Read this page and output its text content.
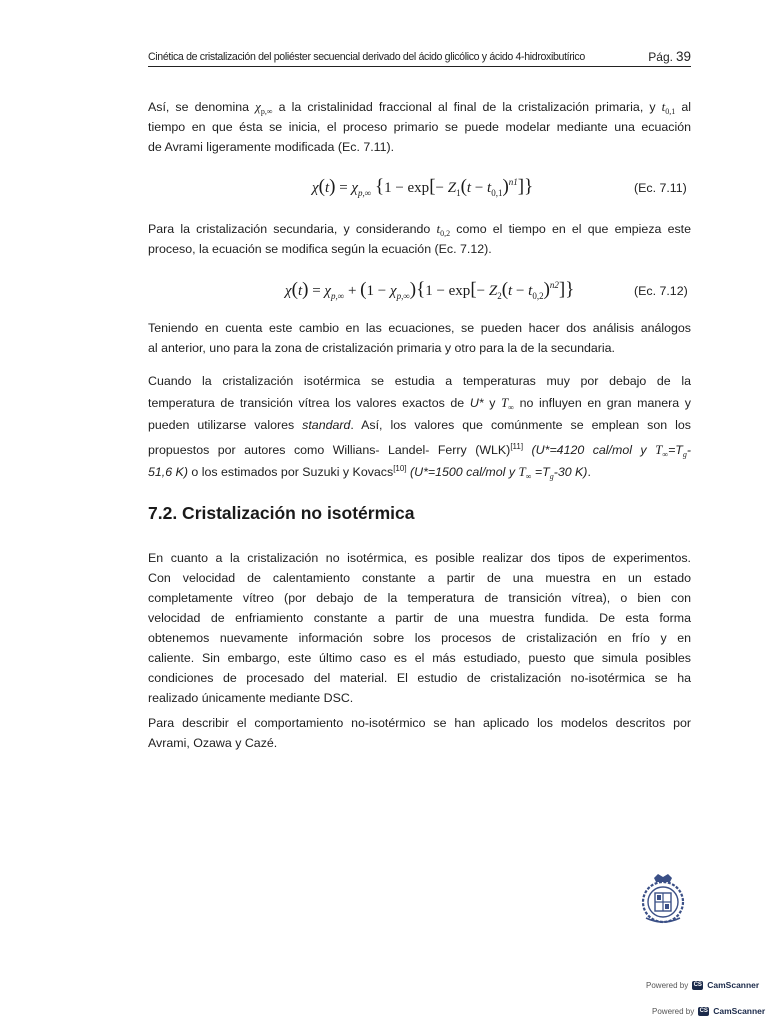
Cinética de cristalización del poliéster secuencial derivado del ácido glicólico y ácido 4-hidroxibutírico	Pág. 39
Así, se denomina $\chi_{p,\infty}$ a la cristalinidad fraccional al final de la cristalización primaria, y $t_{0,1}$ al
tiempo en que ésta se inicia, el proceso primario se puede modelar mediante una ecuación
de Avrami ligeramente modificada (Ec. 7.11).
$\chi(t) = \chi_{p,\infty}$ $\{1 - \exp[- Z_1(t - t_{0,1})^{n1}]\}$	(Ec. 7.11)
Para la cristalización secundaria, y considerando $t_{0,2}$ como el tiempo en el que empieza este
proceso, la ecuación se modifica según la ecuación (Ec. 7.12).
$\chi(t) = \chi_{p,\infty} + (1 - \chi_{p,\infty})\{1 - \exp[- Z_2(t - t_{0,2})^{n2}]\}$	(Ec. 7.12)
Teniendo en cuenta este cambio en las ecuaciones, se pueden hacer dos análisis análogos
al anterior, uno para la zona de cristalización primaria y otro para la de la secundaria.
Cuando la cristalización isotérmica se estudia a temperaturas muy por debajo de la
temperatura de transición vítrea los valores exactos de U* y $T_\infty$ no influyen en gran manera y
pueden utilizarse valores standard. Así, los valores que comúnmente se emplean son los
propuestos por autores como Willians- Landel- Ferry (WLK)[11] (U*=4120 cal/mol y $T_\infty=T_g-$
51,6 K) o los estimados por Suzuki y Kovacs[10] (U*=1500 cal/mol y $T_\infty =T_g-30$ K).
7.2. Cristalización no isotérmica
En cuanto a la cristalización no isotérmica, es posible realizar dos tipos de experimentos.
Con velocidad de calentamiento constante a partir de una muestra en un estado
completamente vítreo (por debajo de la temperatura de transición vítrea), o bien con
velocidad de enfriamiento constante a partir de una muestra fundida. De esta forma
obtenemos nuevamente información sobre los procesos de cristalización en frío y en
caliente. Sin embargo, este último caso es el más estudiado, puesto que simula posibles
condiciones de procesado del material. El estudio de cristalización no-isotérmica se ha
realizado únicamente mediante DSC.
Para describir el comportamiento no-isotérmico se han aplicado los modelos descritos por
Avrami, Ozawa y Cazé.
Powered by CS CamScanner
Powered by CS CamScanner
